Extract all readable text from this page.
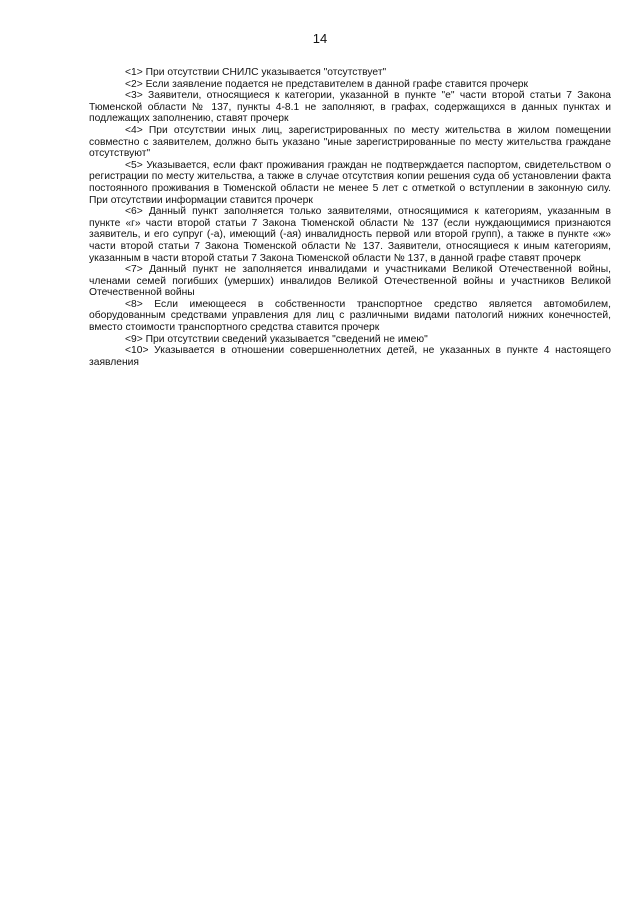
14

<1> При отсутствии СНИЛС указывается "отсутствует"

<2> Если заявление подается не представителем в данной графе ставится прочерк

<3> Заявители, относящиеся к категории, указанной в пункте "е" части второй статьи 7 Закона Тюменской области № 137, пункты 4-8.1 не заполняют, в графах, содержащихся в данных пунктах и подлежащих заполнению, ставят прочерк

<4> При отсутствии иных лиц, зарегистрированных по месту жительства в жилом помещении совместно с заявителем, должно быть указано "иные зарегистрированные по месту жительства граждане отсутствуют"

<5> Указывается, если факт проживания граждан не подтверждается паспортом, свидетельством о регистрации по месту жительства, а также в случае отсутствия копии решения суда об установлении факта постоянного проживания в Тюменской области не менее 5 лет с отметкой о вступлении в законную силу. При отсутствии информации ставится прочерк

<6> Данный пункт заполняется только заявителями, относящимися к категориям, указанным в пункте «г» части второй статьи 7 Закона Тюменской области № 137 (если нуждающимися признаются заявитель, и его супруг (-а), имеющий (-ая) инвалидность первой или второй групп), а также в пункте «ж» части второй статьи 7 Закона Тюменской области № 137. Заявители, относящиеся к иным категориям, указанным в части второй статьи 7 Закона Тюменской области № 137, в данной графе ставят прочерк

<7> Данный пункт не заполняется инвалидами и участниками Великой Отечественной войны, членами семей погибших (умерших) инвалидов Великой Отечественной войны и участников Великой Отечественной войны

<8> Если имеющееся в собственности транспортное средство является автомобилем, оборудованным средствами управления для лиц с различными видами патологий нижних конечностей, вместо стоимости транспортного средства ставится прочерк

<9> При отсутствии сведений указывается "сведений не имею"

<10> Указывается в отношении совершеннолетних детей, не указанных в пункте 4 настоящего заявления
